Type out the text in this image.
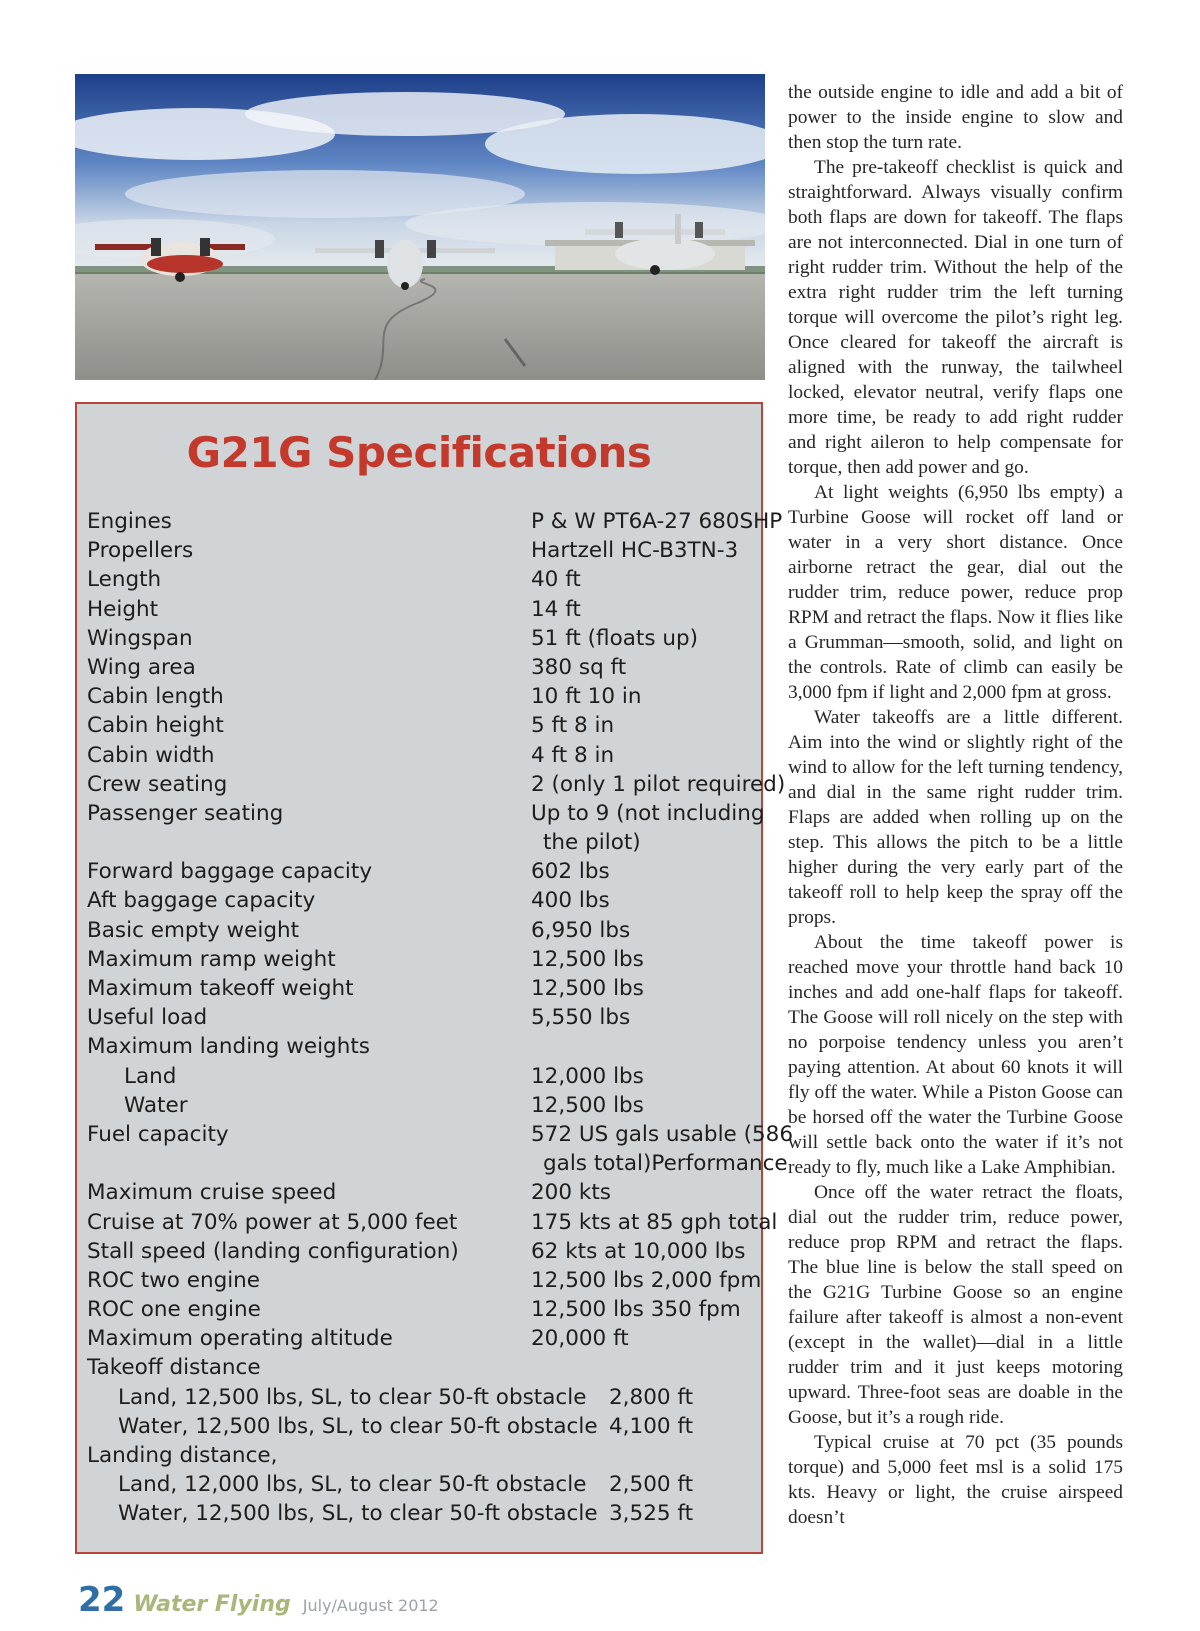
G21G Specifications
Engines	P & W PT6A-27 680SHP
Propellers	Hartzell HC-B3TN-3
Length	40 ft
Height	14 ft
Wingspan	51 ft (floats up)
Wing area	380 sq ft
Cabin length	10 ft 10 in
Cabin height	5 ft 8 in
Cabin width	4 ft 8 in
Crew seating	2 (only 1 pilot required)
Passenger seating	Up to 9 (not including
the pilot)
Forward baggage capacity	602 lbs
Aft baggage capacity	400 lbs
Basic empty weight	6,950 lbs
Maximum ramp weight	12,500 lbs
Maximum takeoff weight	12,500 lbs
Useful load	5,550 lbs
Maximum landing weights
Land	12,000 lbs
Water	12,500 lbs
Fuel capacity	572 US gals usable (586
gals total)Performance
Maximum cruise speed	200 kts
Cruise at 70% power at 5,000 feet	175 kts at 85 gph total
Stall speed (landing configuration)	62 kts at 10,000 lbs
ROC two engine	12,500 lbs 2,000 fpm
ROC one engine	12,500 lbs 350 fpm
Maximum operating altitude	20,000 ft
Takeoff distance
Land, 12,500 lbs, SL, to clear 50-ft obstacle 2,800 ft
Water, 12,500 lbs, SL, to clear 50-ft obstacle 4,100 ft
Landing distance,
Land, 12,000 lbs, SL, to clear 50-ft obstacle 2,500 ft
Water, 12,500 lbs, SL, to clear 50-ft obstacle 3,525 ft

the outside engine to idle and add a bit of power to the inside engine to slow and then stop the turn rate.

The pre-takeoff checklist is quick and straightforward. Always visually confirm both flaps are down for takeoff. The flaps are not interconnected. Dial in one turn of right rudder trim. Without the help of the extra right rudder trim the left turning torque will overcome the pilot’s right leg. Once cleared for takeoff the aircraft is aligned with the runway, the tailwheel locked, elevator neutral, verify flaps one more time, be ready to add right rudder and right aileron to help compensate for torque, then add power and go.

At light weights (6,950 lbs empty) a Turbine Goose will rocket off land or water in a very short distance. Once airborne retract the gear, dial out the rudder trim, reduce power, reduce prop RPM and retract the flaps. Now it flies like a Grumman—smooth, solid, and light on the controls. Rate of climb can easily be 3,000 fpm if light and 2,000 fpm at gross.

Water takeoffs are a little different. Aim into the wind or slightly right of the wind to allow for the left turning tendency, and dial in the same right rudder trim. Flaps are added when rolling up on the step. This allows the pitch to be a little higher during the very early part of the takeoff roll to help keep the spray off the props.

About the time takeoff power is reached move your throttle hand back 10 inches and add one-half flaps for takeoff. The Goose will roll nicely on the step with no porpoise tendency unless you aren’t paying attention. At about 60 knots it will fly off the water. While a Piston Goose can be horsed off the water the Turbine Goose will settle back onto the water if it’s not ready to fly, much like a Lake Amphibian.

Once off the water retract the floats, dial out the rudder trim, reduce power, reduce prop RPM and retract the flaps. The blue line is below the stall speed on the G21G Turbine Goose so an engine failure after takeoff is almost a non-event (except in the wallet)—dial in a little rudder trim and it just keeps motoring upward. Three-foot seas are doable in the Goose, but it’s a rough ride.

Typical cruise at 70 pct (35 pounds torque) and 5,000 feet msl is a solid 175 kts. Heavy or light, the cruise airspeed doesn’t

22 Water Flying July/August 2012
